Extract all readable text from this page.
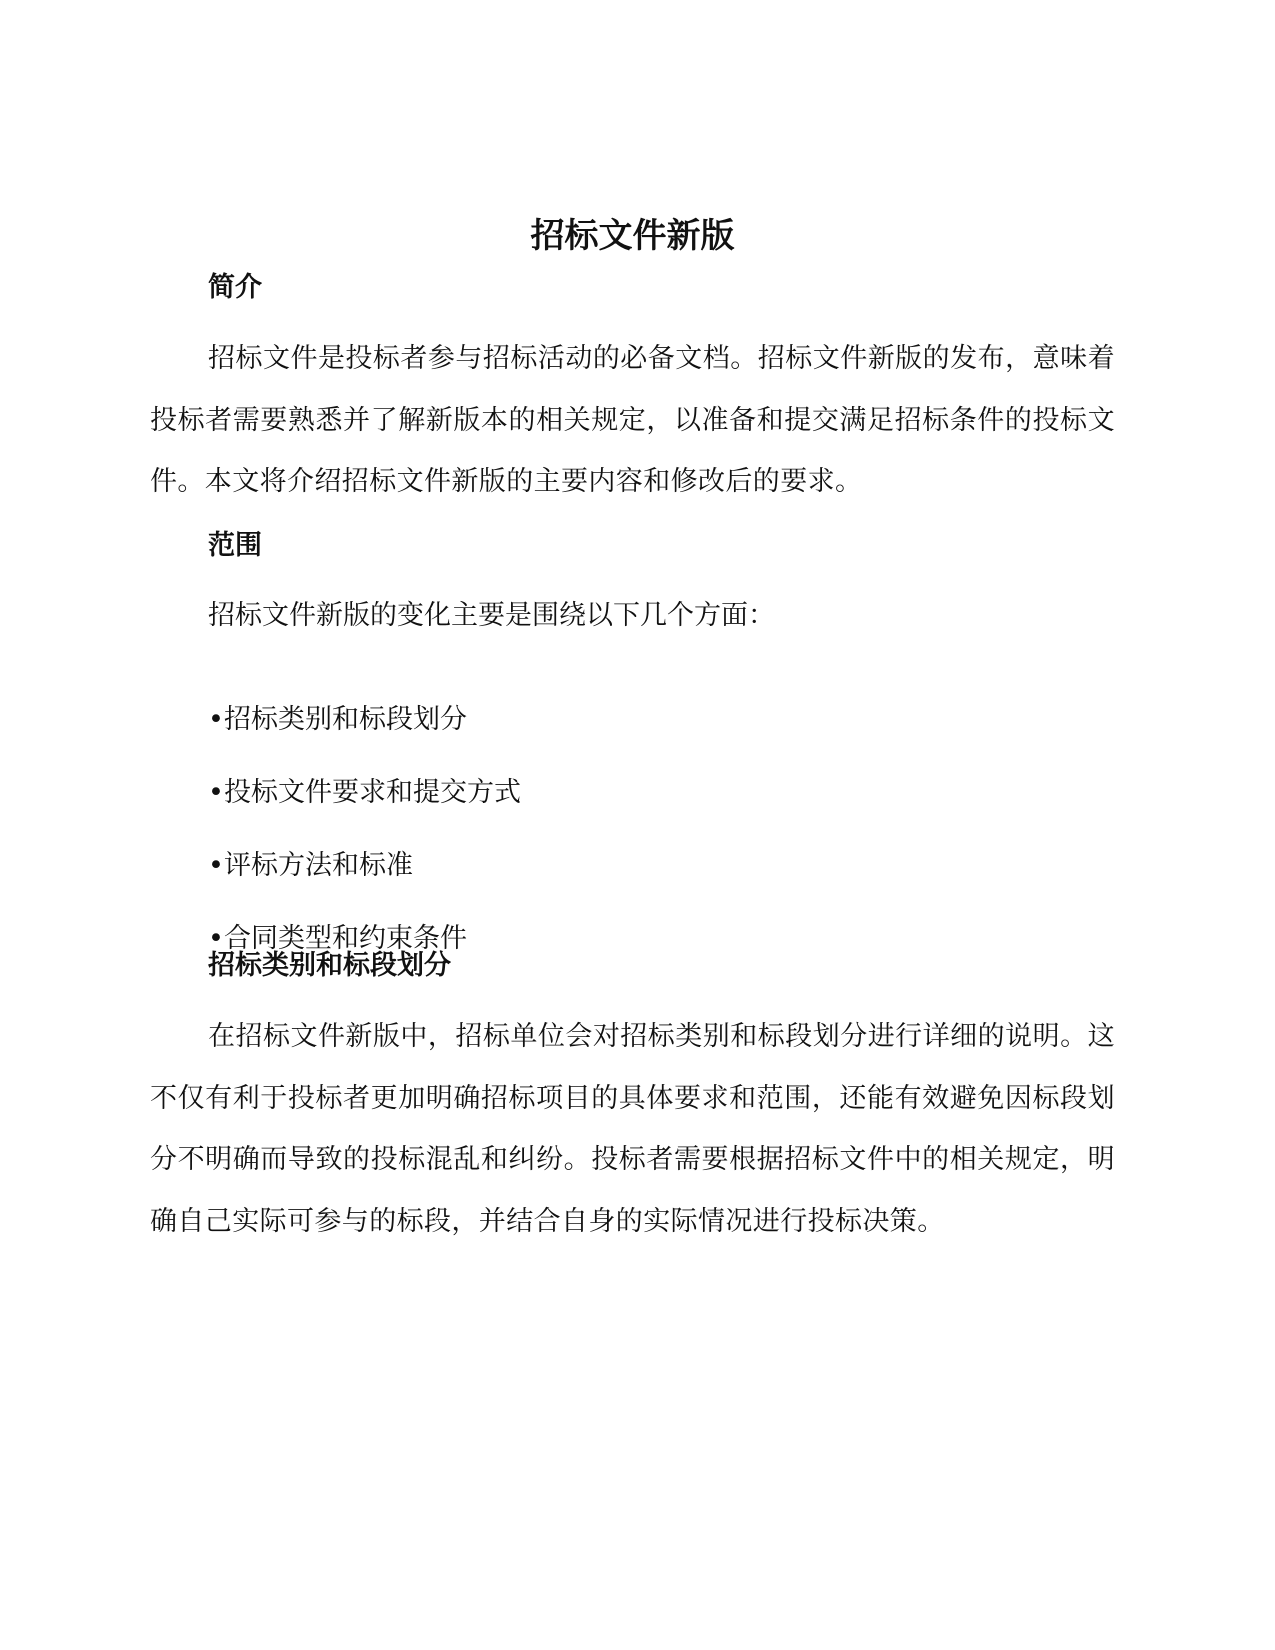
招标文件新版
简介

招标文件是投标者参与招标活动的必备文档。招标文件新版的发布，意味着投标者需要熟悉并了解新版本的相关规定，以准备和提交满足招标条件的投标文件。本文将介绍招标文件新版的主要内容和修改后的要求。

范围

招标文件新版的变化主要是围绕以下几个方面：

•招标类别和标段划分
•投标文件要求和提交方式
•评标方法和标准
•合同类型和约束条件
招标类别和标段划分

在招标文件新版中，招标单位会对招标类别和标段划分进行详细的说明。这不仅有利于投标者更加明确招标项目的具体要求和范围，还能有效避免因标段划分不明确而导致的投标混乱和纠纷。投标者需要根据招标文件中的相关规定，明确自己实际可参与的标段，并结合自身的实际情况进行投标决策。
